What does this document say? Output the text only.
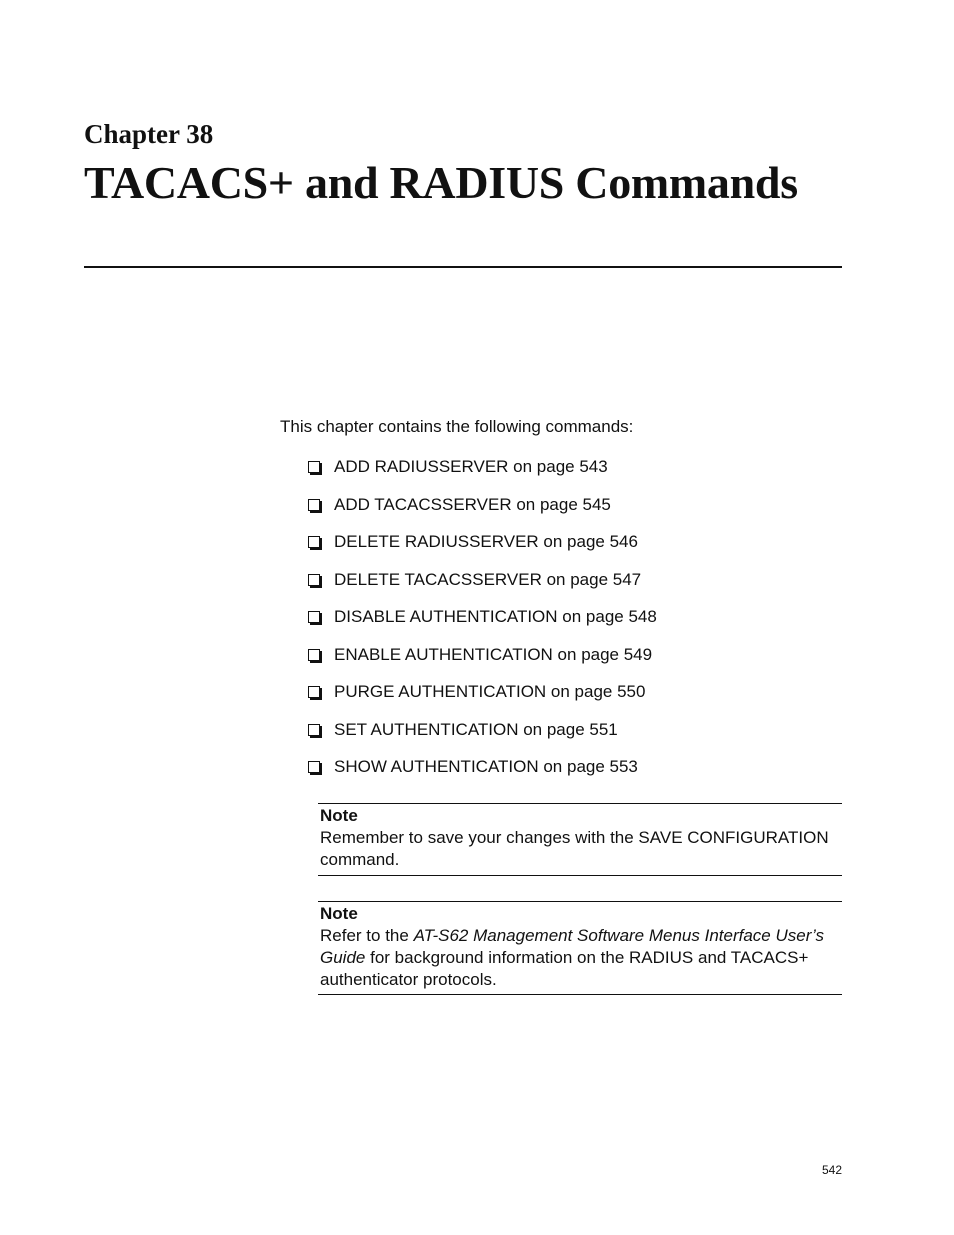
Chapter 38
TACACS+ and RADIUS Commands

This chapter contains the following commands:

ADD RADIUSSERVER on page 543
ADD TACACSSERVER on page 545
DELETE RADIUSSERVER on page 546
DELETE TACACSSERVER on page 547
DISABLE AUTHENTICATION on page 548
ENABLE AUTHENTICATION on page 549
PURGE AUTHENTICATION on page 550
SET AUTHENTICATION on page 551
SHOW AUTHENTICATION on page 553
Note
Remember to save your changes with the SAVE CONFIGURATION command.
Note
Refer to the AT-S62 Management Software Menus Interface User’s Guide for background information on the RADIUS and TACACS+ authenticator protocols.
542
